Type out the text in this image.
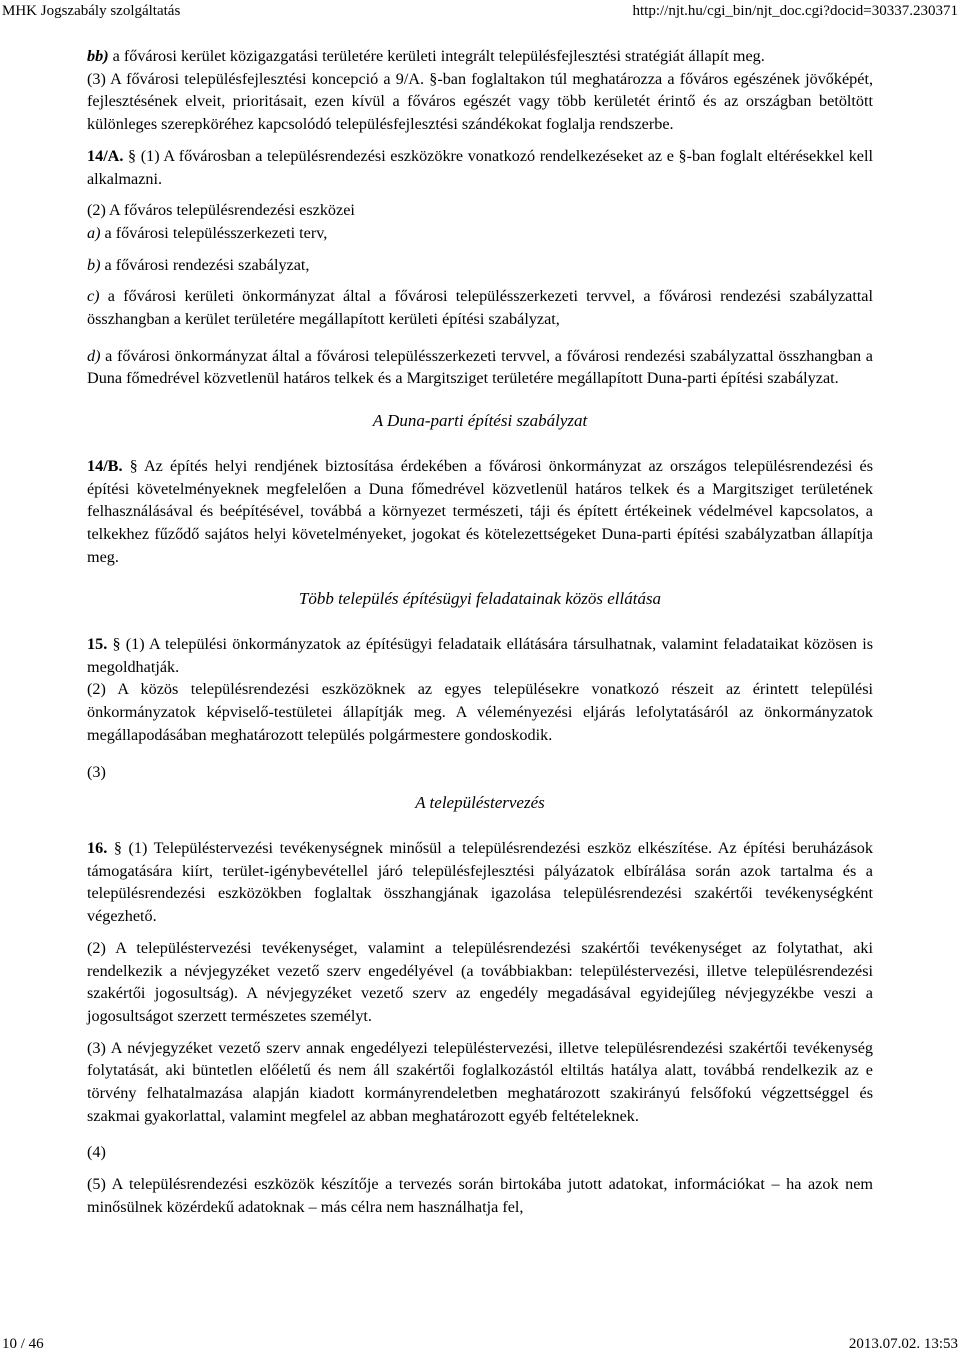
MHK Jogszabály szolgáltatás	http://njt.hu/cgi_bin/njt_doc.cgi?docid=30337.230371

bb) a fővárosi kerület közigazgatási területére kerületi integrált településfejlesztési stratégiát állapít meg.

(3) A fővárosi településfejlesztési koncepció a 9/A. §-ban foglaltakon túl meghatározza a főváros egészének jövőképét, fejlesztésének elveit, prioritásait, ezen kívül a főváros egészét vagy több kerületét érintő és az országban betöltött különleges szerepköréhez kapcsolódó településfejlesztési szándékokat foglalja rendszerbe.

14/A. § (1) A fővárosban a településrendezési eszközökre vonatkozó rendelkezéseket az e §-ban foglalt eltérésekkel kell alkalmazni.

(2) A főváros településrendezési eszközei

a) a fővárosi településszerkezeti terv,

b) a fővárosi rendezési szabályzat,

c) a fővárosi kerületi önkormányzat által a fővárosi településszerkezeti tervvel, a fővárosi rendezési szabályzattal összhangban a kerület területére megállapított kerületi építési szabályzat,

d) a fővárosi önkormányzat által a fővárosi településszerkezeti tervvel, a fővárosi rendezési szabályzattal összhangban a Duna főmedrével közvetlenül határos telkek és a Margitsziget területére megállapított Duna-parti építési szabályzat.

A Duna-parti építési szabályzat

14/B. § Az építés helyi rendjének biztosítása érdekében a fővárosi önkormányzat az országos településrendezési és építési követelményeknek megfelelően a Duna főmedrével közvetlenül határos telkek és a Margitsziget területének felhasználásával és beépítésével, továbbá a környezet természeti, táji és épített értékeinek védelmével kapcsolatos, a telkekhez fűződő sajátos helyi követelményeket, jogokat és kötelezettségeket Duna-parti építési szabályzatban állapítja meg.

Több település építésügyi feladatainak közös ellátása

15. § (1) A települési önkormányzatok az építésügyi feladataik ellátására társulhatnak, valamint feladataikat közösen is megoldhatják.

(2) A közös településrendezési eszközöknek az egyes településekre vonatkozó részeit az érintett települési önkormányzatok képviselő-testületei állapítják meg. A véleményezési eljárás lefolytatásáról az önkormányzatok megállapodásában meghatározott település polgármestere gondoskodik.

(3)

A településtervezés

16. § (1) Településtervezési tevékenységnek minősül a településrendezési eszköz elkészítése. Az építési beruházások támogatására kiírt, terület-igénybevétellel járó településfejlesztési pályázatok elbírálása során azok tartalma és a településrendezési eszközökben foglaltak összhangjának igazolása településrendezési szakértői tevékenységként végezhető.

(2) A településtervezési tevékenységet, valamint a településrendezési szakértői tevékenységet az folytathat, aki rendelkezik a névjegyzéket vezető szerv engedélyével (a továbbiakban: településtervezési, illetve településrendezési szakértői jogosultság). A névjegyzéket vezető szerv az engedély megadásával egyidejűleg névjegyzékbe veszi a jogosultságot szerzett természetes személyt.

(3) A névjegyzéket vezető szerv annak engedélyezi településtervezési, illetve településrendezési szakértői tevékenység folytatását, aki büntetlen előéletű és nem áll szakértői foglalkozástól eltiltás hatálya alatt, továbbá rendelkezik az e törvény felhatalmazása alapján kiadott kormányrendeletben meghatározott szakirányú felsőfokú végzettséggel és szakmai gyakorlattal, valamint megfelel az abban meghatározott egyéb feltételeknek.

(4)

(5) A településrendezési eszközök készítője a tervezés során birtokába jutott adatokat, információkat – ha azok nem minősülnek közérdekű adatoknak – más célra nem használhatja fel,

10 / 46	2013.07.02. 13:53
